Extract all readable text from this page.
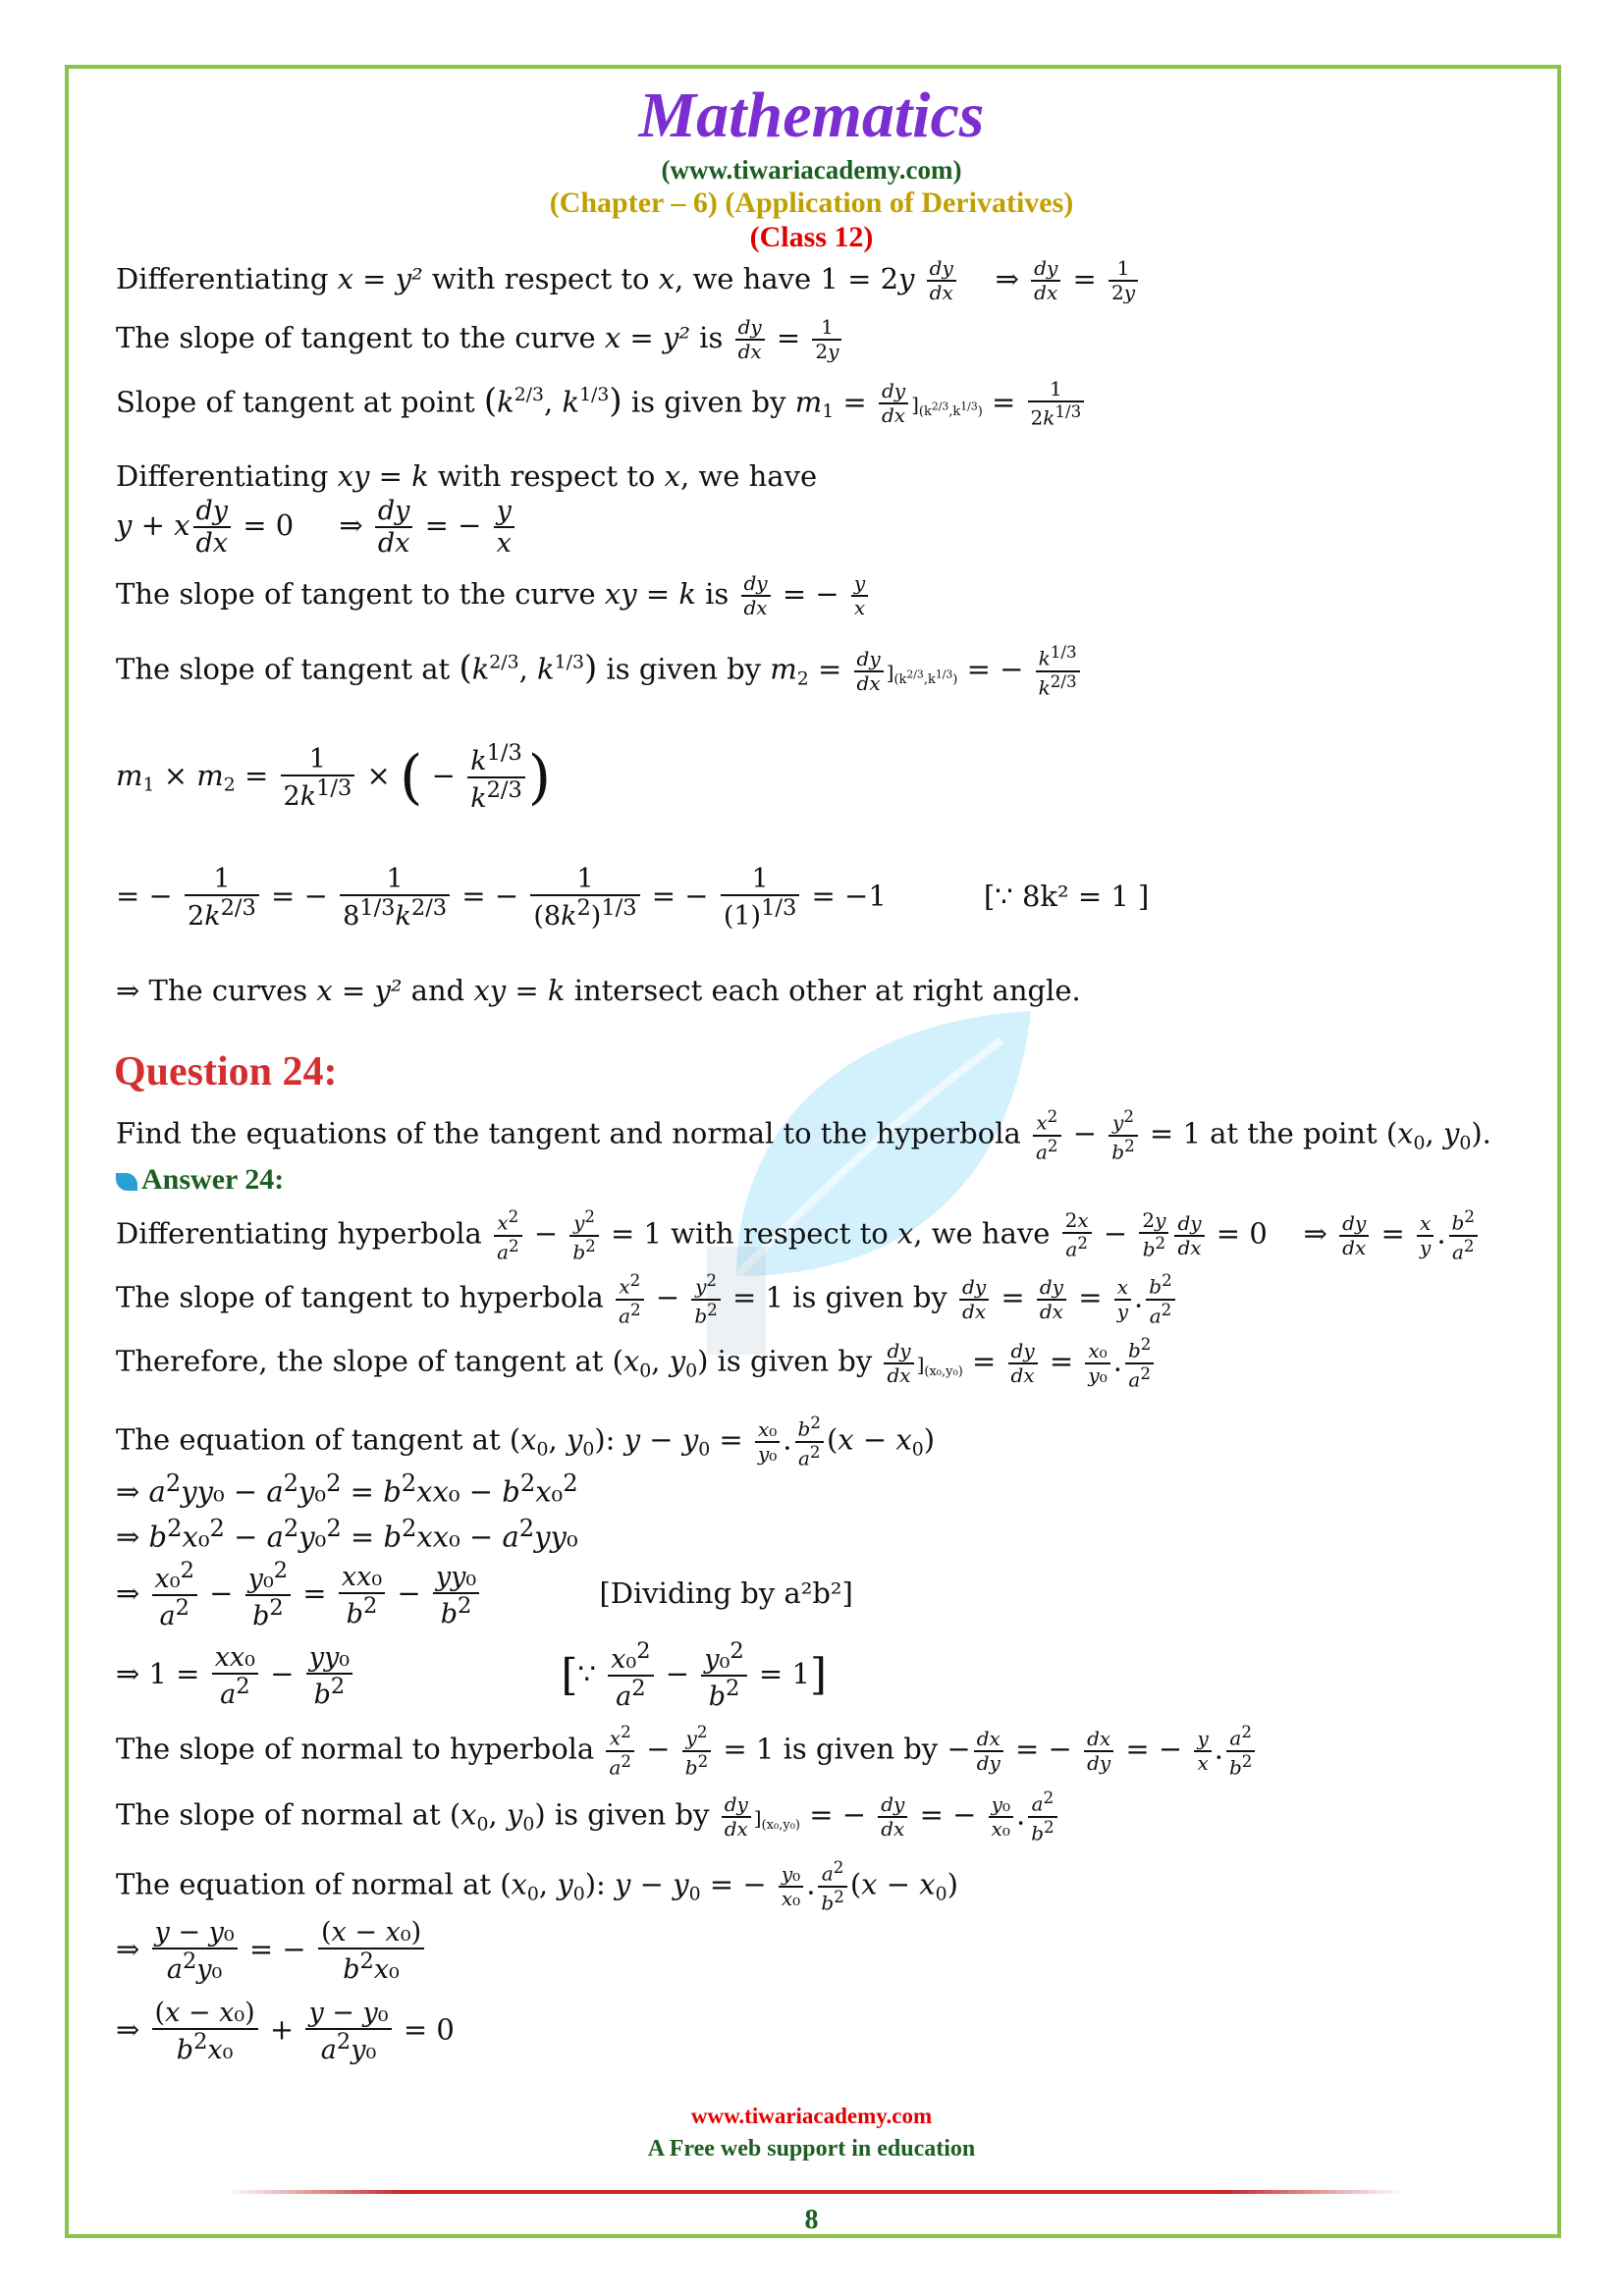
Mathematics
(www.tiwariacademy.com)
(Chapter – 6) (Application of Derivatives)
(Class 12)
Differentiating x = y² with respect to x, we have $1 = 2y \frac{dy}{dx}$ ⇒ $\frac{dy}{dx} = \frac{1}{2y}$
The slope of tangent to the curve x = y² is $\frac{dy}{dx} = \frac{1}{2y}$
Slope of tangent at point ($k^{2/3}$, $k^{1/3}$) is given by $m_1 = \frac{dy}{dx} ]_{(k^{2/3},k^{1/3})} = \frac{1}{2k^{1/3}}$
Differentiating xy = k with respect to x, we have
y + x $\frac{dy}{dx} = 0$     ⇒ $\frac{dy}{dx}$ = − $\frac{y}{x}$
The slope of tangent to the curve xy = k is $\frac{dy}{dx}$ = − $\frac{y}{x}$
The slope of tangent at ($k^{2/3}$, $k^{1/3}$) is given by $m_2 = \frac{dy}{dx} ]_{(k^{2/3},k^{1/3})}$ = − $\frac{k^{1/3}}{k^{2/3}}$
$m_1 \times m_2 = \frac{1}{2k^{1/3}}$ × ( − $\frac{k^{1/3}}{k^{2/3}}$ )
= − $\frac{1}{2k^{2/3}}$ = − $\frac{1}{8^{1/3}k^{2/3}}$ = − $\frac{1}{(8k^2)^{1/3}}$ = − $\frac{1}{(1)^{1/3}} = -1$	[∵ 8k² = 1 ]
⇒ The curves x = y² and xy = k intersect each other at right angle.
Question 24:
Find the equations of the tangent and normal to the hyperbola $\frac{x^2}{a^2} - \frac{y^2}{b^2} = 1$ at the point ($x_0$, $y_0$).
Answer 24:
Differentiating hyperbola $\frac{x^2}{a^2} - \frac{y^2}{b^2} = 1$ with respect to x, we have $\frac{2x}{a^2} - \frac{2y}{b^2} \frac{dy}{dx} = 0$    ⇒ $\frac{dy}{dx} = \frac{x}{y}$ . $\frac{b^2}{a^2}$
The slope of tangent to hyperbola $\frac{x^2}{a^2} - \frac{y^2}{b^2} = 1$ is given by $\frac{dy}{dx} = \frac{dy}{dx} = \frac{x}{y}$ . $\frac{b^2}{a^2}$
Therefore, the slope of tangent at ($x_0$, $y_0$) is given by $\frac{dy}{dx} ]_{(x_0,y_0)} = \frac{dy}{dx} = \frac{\text{x₀}}{\text{y₀}}$ . $\frac{b^2}{a^2}$
The equation of tangent at ($x_0$, $y_0$): $y - y_0 = \frac{\text{x₀}}{\text{y₀}}$ . $\frac{b^2}{a^2} (x - x_0)$
⇒ $a^2yy_0 - a^2y_0^2 = b^2xx_0 - b^2x_0^2$
⇒ $b^2x_0^2 - a^2y_0^2 = b^2xx_0 - a^2yy_0$
⇒ $\frac{x_0^2}{a^2} - \frac{y_0^2}{b^2} = \frac{\text{xx₀}}{b^2} - \frac{\text{yy₀}}{b^2}$	[Dividing by a²b²]
⇒ $1 = \frac{\text{xx₀}}{a^2} - \frac{\text{yy₀}}{b^2}$	[∵ $\frac{x_0^2}{a^2} - \frac{y_0^2}{b^2} = 1$]
The slope of normal to hyperbola $\frac{x^2}{a^2} - \frac{y^2}{b^2} = 1$ is given by − $\frac{dx}{dy}$ = − $\frac{dx}{dy}$ = − $\frac{y}{x}$ . $\frac{a^2}{b^2}$
The slope of normal at ($x_0$, $y_0$) is given by $\frac{dy}{dx} ]_{(x_0,y_0)}$ = − $\frac{dy}{dx}$ = − $\frac{\text{y₀}}{\text{x₀}}$ . $\frac{a^2}{b^2}$
The equation of normal at ($x_0$, $y_0$): $y - y_0$ = − $\frac{\text{y₀}}{\text{x₀}}$ . $\frac{a^2}{b^2} (x - x_0)$
⇒ $\frac{\text{y − y₀}}{a^2y_0}$ = − $\frac{\text{(x − x₀)}}{b^2x_0}$
⇒ $\frac{\text{(x − x₀)}}{b^2x_0} + \frac{\text{y − y₀}}{a^2y_0} = 0$
www.tiwariacademy.com
A Free web support in education
8
